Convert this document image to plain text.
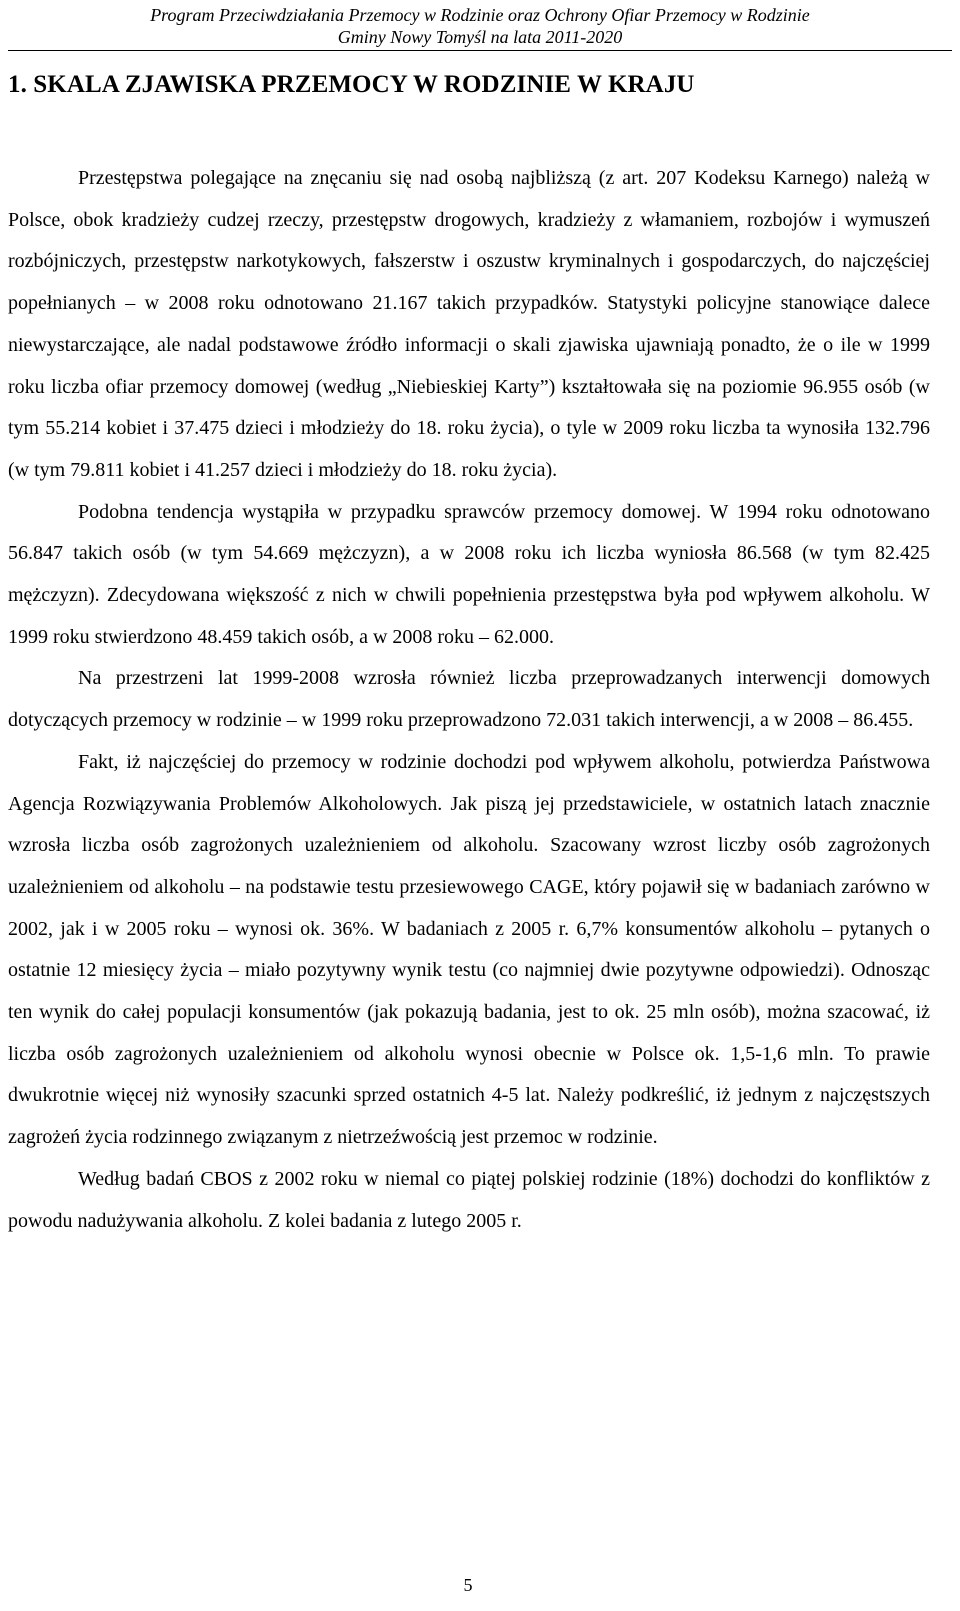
Program Przeciwdziałania Przemocy w Rodzinie oraz Ochrony Ofiar Przemocy w Rodzinie
Gminy Nowy Tomyśl na lata 2011-2020
1. SKALA ZJAWISKA PRZEMOCY W RODZINIE W KRAJU

Przestępstwa polegające na znęcaniu się nad osobą najbliższą (z art. 207 Kodeksu Karnego) należą w Polsce, obok kradzieży cudzej rzeczy, przestępstw drogowych, kradzieży z włamaniem, rozbojów i wymuszeń rozbójniczych, przestępstw narkotykowych, fałszerstw i oszustw kryminalnych i gospodarczych, do najczęściej popełnianych – w 2008 roku odnotowano 21.167 takich przypadków. Statystyki policyjne stanowiące dalece niewystarczające, ale nadal podstawowe źródło informacji o skali zjawiska ujawniają ponadto, że o ile w 1999 roku liczba ofiar przemocy domowej (według „Niebieskiej Karty”) kształtowała się na poziomie 96.955 osób (w tym 55.214 kobiet i 37.475 dzieci i młodzieży do 18. roku życia), o tyle w 2009 roku liczba ta wynosiła 132.796 (w tym 79.811 kobiet i 41.257 dzieci i młodzieży do 18. roku życia).

Podobna tendencja wystąpiła w przypadku sprawców przemocy domowej. W 1994 roku odnotowano 56.847 takich osób (w tym 54.669 mężczyzn), a w 2008 roku ich liczba wyniosła 86.568 (w tym 82.425 mężczyzn). Zdecydowana większość z nich w chwili popełnienia przestępstwa była pod wpływem alkoholu. W 1999 roku stwierdzono 48.459 takich osób, a w 2008 roku – 62.000.

Na przestrzeni lat 1999-2008 wzrosła również liczba przeprowadzanych interwencji domowych dotyczących przemocy w rodzinie – w 1999 roku przeprowadzono 72.031 takich interwencji, a w 2008 – 86.455.

Fakt, iż najczęściej do przemocy w rodzinie dochodzi pod wpływem alkoholu, potwierdza Państwowa Agencja Rozwiązywania Problemów Alkoholowych. Jak piszą jej przedstawiciele, w ostatnich latach znacznie wzrosła liczba osób zagrożonych uzależnieniem od alkoholu. Szacowany wzrost liczby osób zagrożonych uzależnieniem od alkoholu – na podstawie testu przesiewowego CAGE, który pojawił się w badaniach zarówno w 2002, jak i w 2005 roku – wynosi ok. 36%. W badaniach z 2005 r. 6,7% konsumentów alkoholu – pytanych o ostatnie 12 miesięcy życia – miało pozytywny wynik testu (co najmniej dwie pozytywne odpowiedzi). Odnosząc ten wynik do całej populacji konsumentów (jak pokazują badania, jest to ok. 25 mln osób), można szacować, iż liczba osób zagrożonych uzależnieniem od alkoholu wynosi obecnie w Polsce ok. 1,5-1,6 mln. To prawie dwukrotnie więcej niż wynosiły szacunki sprzed ostatnich 4-5 lat. Należy podkreślić, iż jednym z najczęstszych zagrożeń życia rodzinnego związanym z nietrzeźwością jest przemoc w rodzinie.

Według badań CBOS z 2002 roku w niemal co piątej polskiej rodzinie (18%) dochodzi do konfliktów z powodu nadużywania alkoholu. Z kolei badania z lutego 2005 r.

5
